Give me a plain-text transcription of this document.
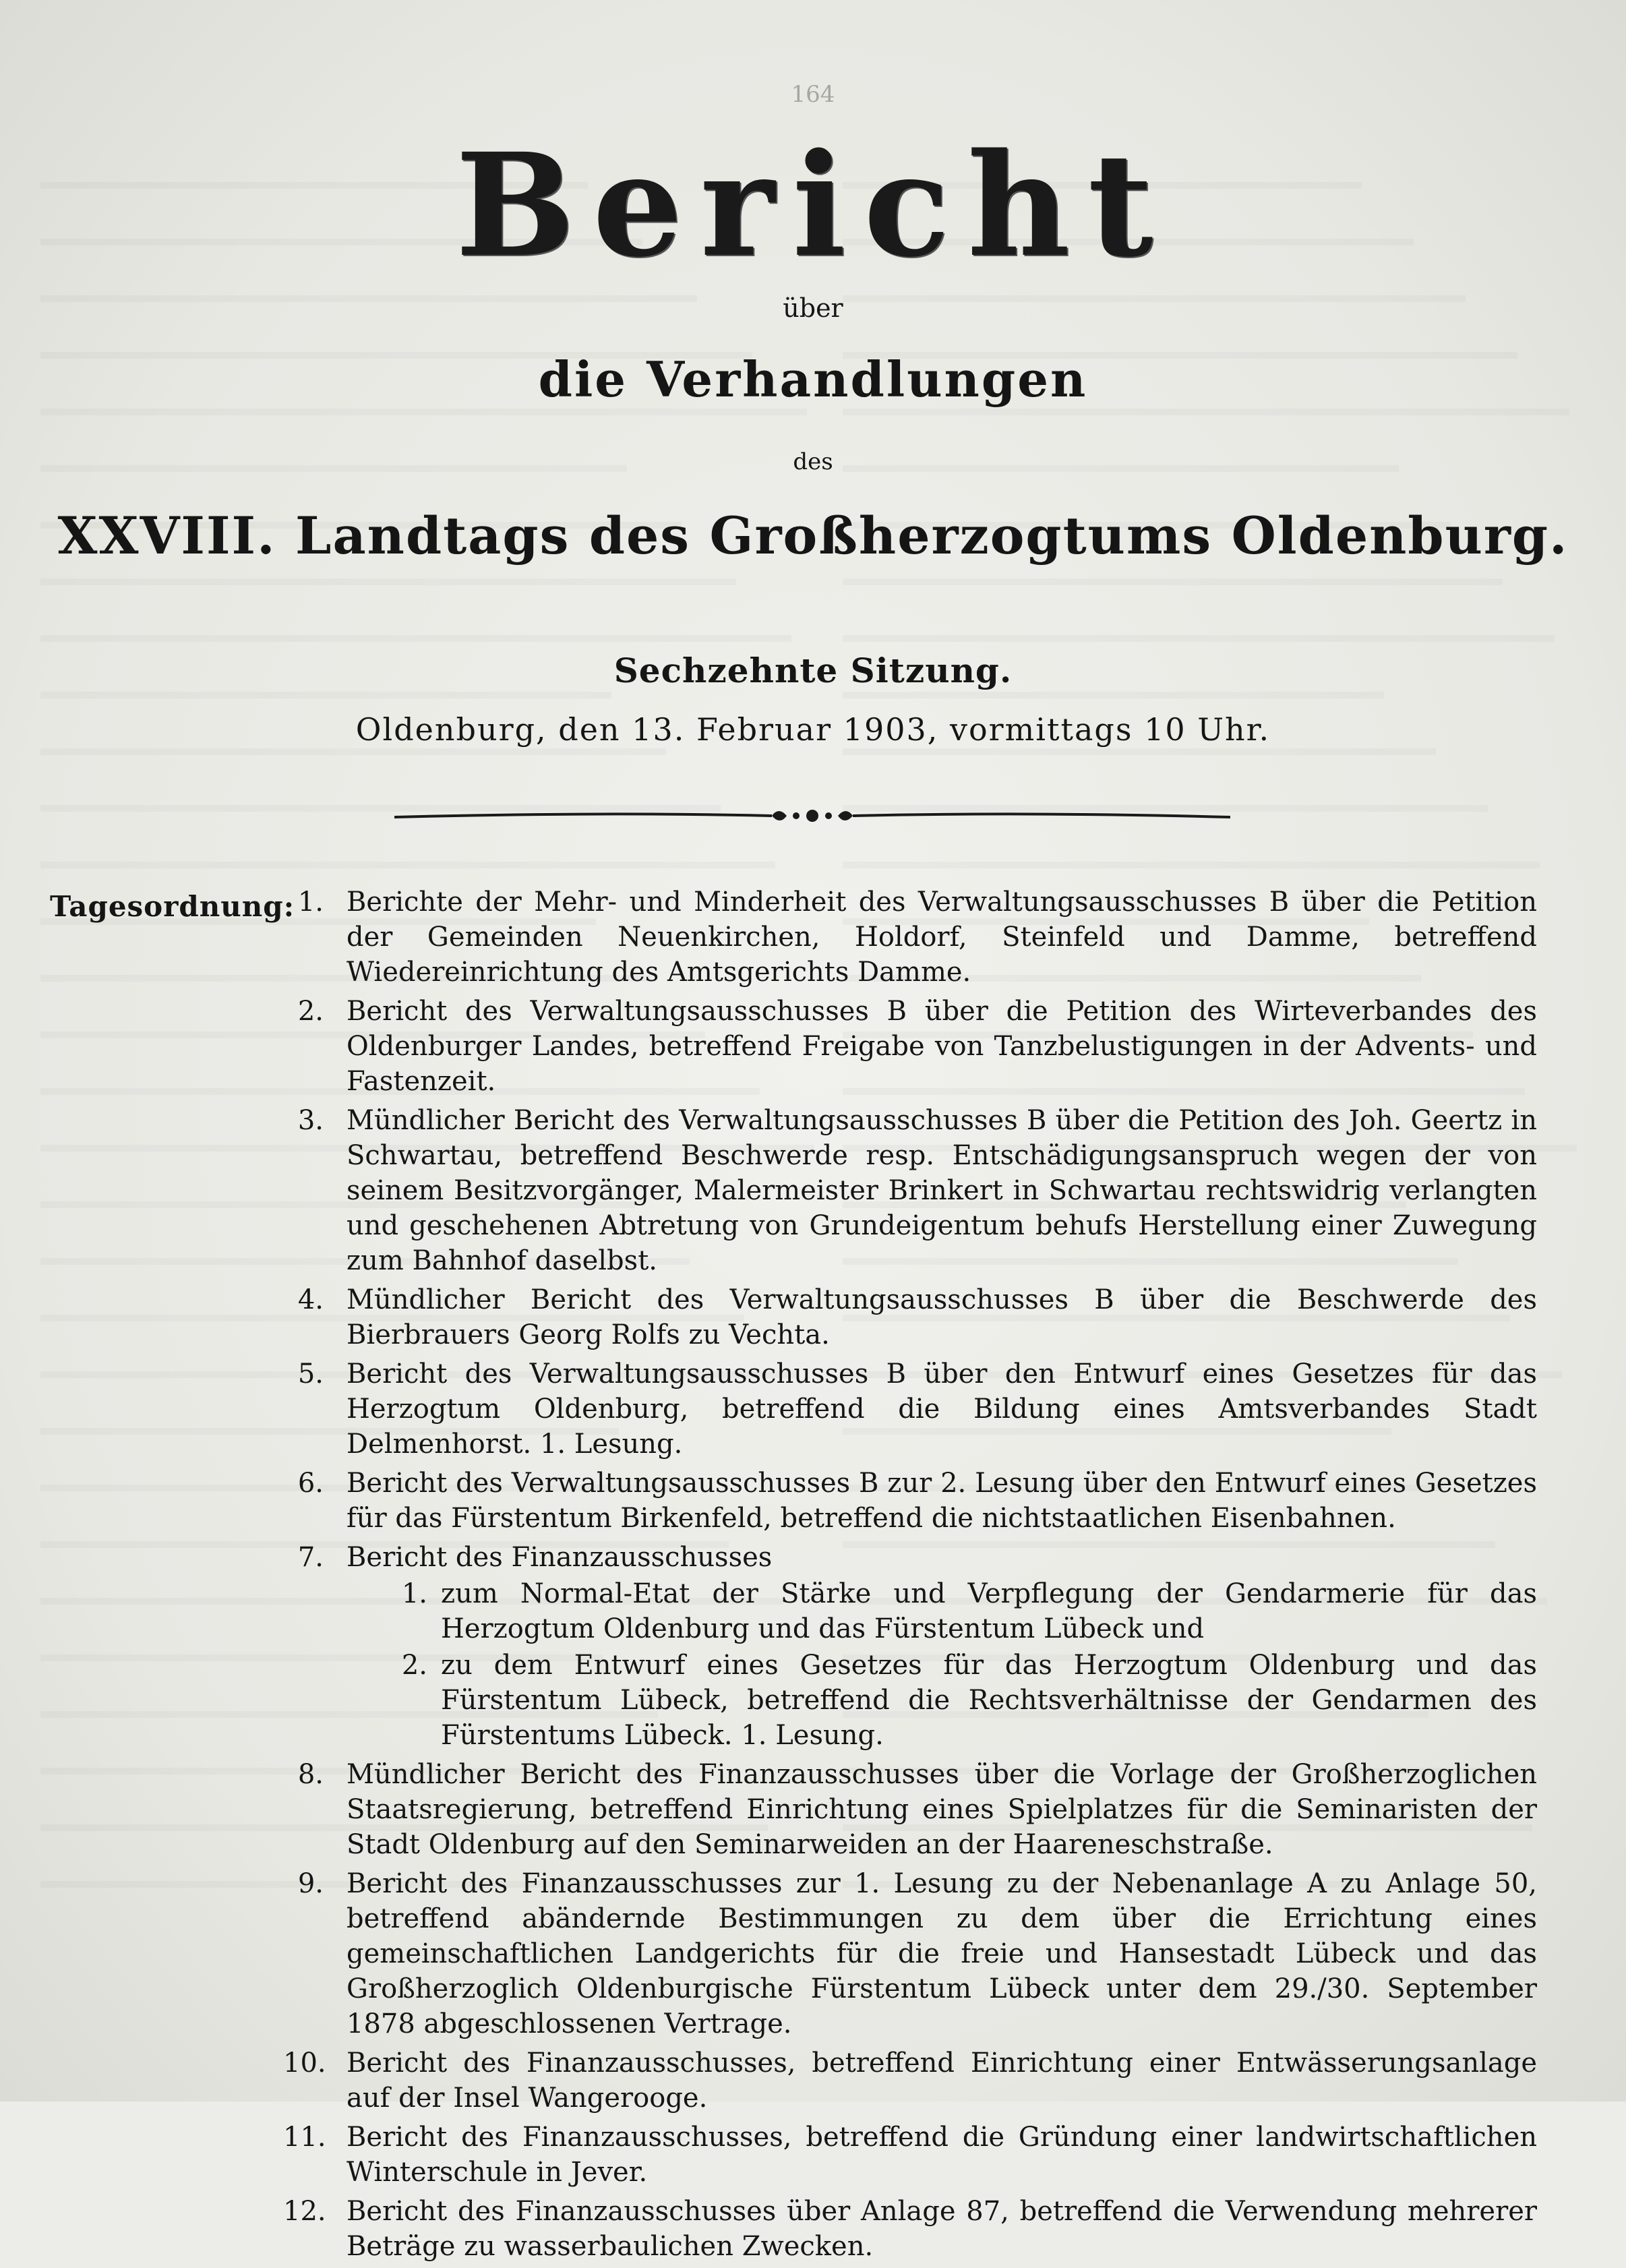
164
Bericht
über
die Verhandlungen
des
XXVIII. Landtags des Großherzogtums Oldenburg.
Sechzehnte Sitzung.
Oldenburg, den 13. Februar 1903, vormittags 10 Uhr.
Tagesordnung: 1. Berichte der Mehr- und Minderheit des Verwaltungsausschusses B über die Petition der Gemeinden Neuenkirchen, Holdorf, Steinfeld und Damme, betreffend Wiedereinrichtung des Amtsgerichts Damme.
2. Bericht des Verwaltungsausschusses B über die Petition des Wirteverbandes des Oldenburger Landes, betreffend Freigabe von Tanzbelustigungen in der Advents- und Fastenzeit.
3. Mündlicher Bericht des Verwaltungsausschusses B über die Petition des Joh. Geertz in Schwartau, betreffend Beschwerde resp. Entschädigungsanspruch wegen der von seinem Besitzvorgänger, Malermeister Brinkert in Schwartau rechtswidrig verlangten und geschehenen Abtretung von Grundeigentum behufs Herstellung einer Zuwegung zum Bahnhof daselbst.
4. Mündlicher Bericht des Verwaltungsausschusses B über die Beschwerde des Bierbrauers Georg Rolfs zu Vechta.
5. Bericht des Verwaltungsausschusses B über den Entwurf eines Gesetzes für das Herzogtum Oldenburg, betreffend die Bildung eines Amtsverbandes Stadt Delmenhorst. 1. Lesung.
6. Bericht des Verwaltungsausschusses B zur 2. Lesung über den Entwurf eines Gesetzes für das Fürstentum Birkenfeld, betreffend die nichtstaatlichen Eisenbahnen.
7. Bericht des Finanzausschusses
1. zum Normal-Etat der Stärke und Verpflegung der Gendarmerie für das Herzogtum Oldenburg und das Fürstentum Lübeck und
2. zu dem Entwurf eines Gesetzes für das Herzogtum Oldenburg und das Fürstentum Lübeck, betreffend die Rechtsverhältnisse der Gendarmen des Fürstentums Lübeck. 1. Lesung.
8. Mündlicher Bericht des Finanzausschusses über die Vorlage der Großherzoglichen Staatsregierung, betreffend Einrichtung eines Spielplatzes für die Seminaristen der Stadt Oldenburg auf den Seminarweiden an der Haareneschstraße.
9. Bericht des Finanzausschusses zur 1. Lesung zu der Nebenanlage A zu Anlage 50, betreffend abändernde Bestimmungen zu dem über die Errichtung eines gemeinschaftlichen Landgerichts für die freie und Hansestadt Lübeck und das Großherzoglich Oldenburgische Fürstentum Lübeck unter dem 29./30. September 1878 abgeschlossenen Vertrage.
10. Bericht des Finanzausschusses, betreffend Einrichtung einer Entwässerungsanlage auf der Insel Wangerooge.
11. Bericht des Finanzausschusses, betreffend die Gründung einer landwirtschaftlichen Winterschule in Jever.
12. Bericht des Finanzausschusses über Anlage 87, betreffend die Verwendung mehrerer Beträge zu wasserbaulichen Zwecken.
